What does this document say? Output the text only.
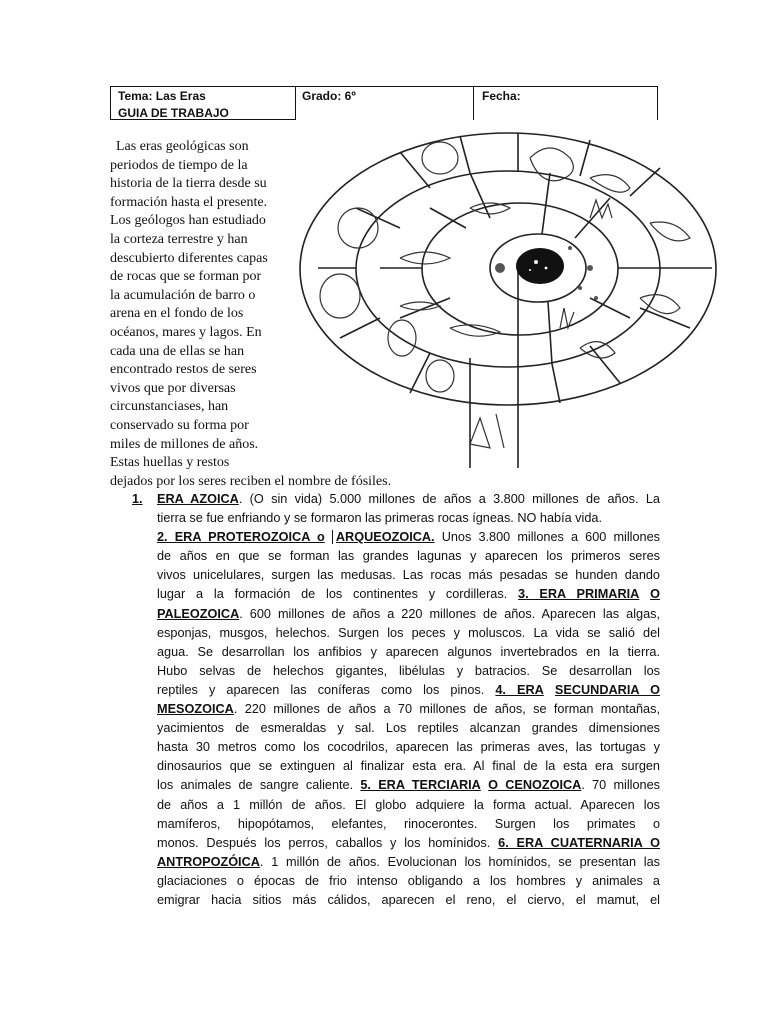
Tema: Las Eras
GUIA DE TRABAJO
Grado: 6º	Fecha:
Las eras geológicas son
periodos de tiempo de la
historia de la tierra desde su
formación hasta el presente.
Los geólogos han estudiado
la corteza terrestre y han
descubierto diferentes capas
de rocas que se forman por
la acumulación de barro o
arena en el fondo de los
océanos, mares y lagos. En
cada una de ellas se han
encontrado restos de seres
vivos que por diversas
circunstanciases, han
conservado su forma por
miles de millones de años.
Estas huellas y restos
dejados por los seres reciben el nombre de fósiles.

1. ERA AZOICA. (O sin vida) 5.000 millones de años a 3.800 millones de años. La

tierra se fue enfriando y se formaron las primeras rocas ígneas. NO había vida.

2. ERA PROTEROZOICA o ARQUEOZOICA. Unos 3.800 millones a 600 millones

de años en que se forman las grandes lagunas y aparecen los primeros seres

vivos unicelulares, surgen las medusas. Las rocas más pesadas se hunden dando

lugar a la formación de los continentes y cordilleras. 3. ERA PRIMARIA O

PALEOZOICA. 600 millones de años a 220 millones de años. Aparecen las algas,

esponjas, musgos, helechos. Surgen los peces y moluscos. La vida se salió del

agua. Se desarrollan los anfibios y aparecen algunos invertebrados en la tierra.

Hubo selvas de helechos gigantes, libélulas y batracios. Se desarrollan los

reptiles y aparecen las coníferas como los pinos. 4. ERA SECUNDARIA O

MESOZOICA. 220 millones de años a 70 millones de años, se forman montañas,

yacimientos de esmeraldas y sal. Los reptiles alcanzan grandes dimensiones

hasta 30 metros como los cocodrilos, aparecen las primeras aves, las tortugas y

dinosaurios que se extinguen al finalizar esta era. Al final de la esta era surgen

los animales de sangre caliente. 5. ERA TERCIARIA O CENOZOICA. 70 millones

de años a 1 millón de años. El globo adquiere la forma actual. Aparecen los

mamíferos, hipopótamos, elefantes, rinocerontes. Surgen los primates o

monos. Después los perros, caballos y los homínidos. 6. ERA CUATERNARIA O

ANTROPOZÓICA. 1 millón de años. Evolucionan los homínidos, se presentan las

glaciaciones o épocas de frio intenso obligando a los hombres y animales a

emigrar hacia sitios más cálidos, aparecen el reno, el ciervo, el mamut, el
